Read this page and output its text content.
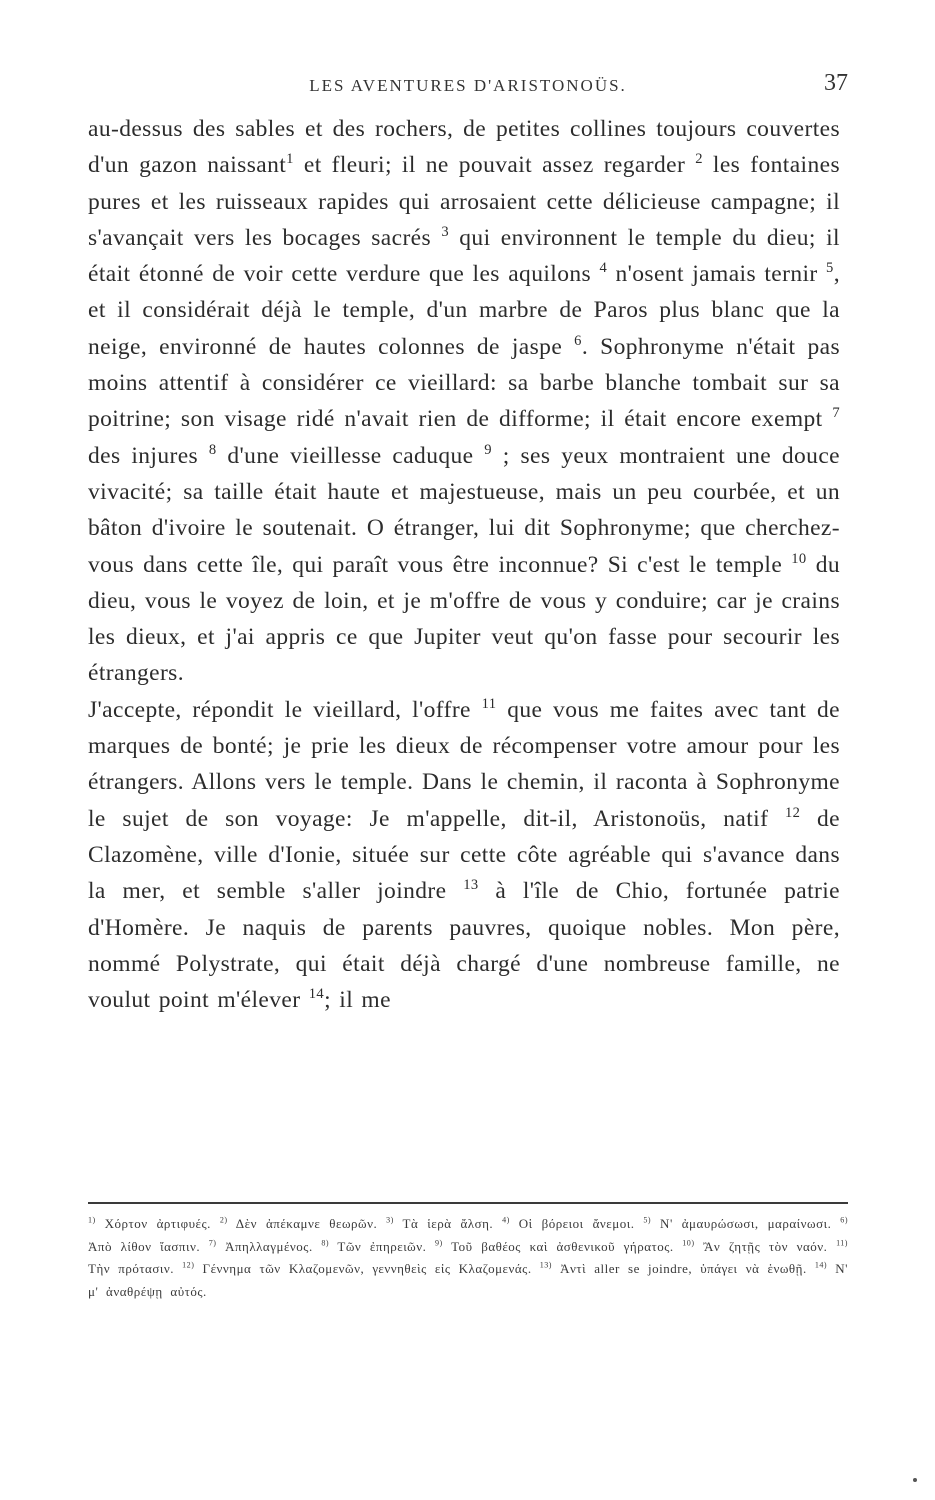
LES AVENTURES D'ARISTONOÜS.	37

au-dessus des sables et des rochers, de petites collines toujours couvertes d'un gazon naissant$^1$ et fleuri; il ne pouvait assez regarder $^2$ les fontaines pures et les ruisseaux rapides qui arrosaient cette délicieuse campagne; il s'avançait vers les bocages sacrés $^3$ qui environnent le temple du dieu; il était étonné de voir cette verdure que les aquilons $^4$ n'osent jamais ternir $^5$, et il considérait déjà le temple, d'un marbre de Paros plus blanc que la neige, environné de hautes colonnes de jaspe $^6$. Sophronyme n'était pas moins attentif à considérer ce vieillard: sa barbe blanche tombait sur sa poitrine; son visage ridé n'avait rien de difforme; il était encore exempt $^7$ des injures $^8$ d'une vieillesse caduque $^9$ ; ses yeux montraient une douce vivacité; sa taille était haute et majestueuse, mais un peu courbée, et un bâton d'ivoire le soutenait. O étranger, lui dit Sophronyme; que cherchez-vous dans cette île, qui paraît vous être inconnue? Si c'est le temple $^{10}$ du dieu, vous le voyez de loin, et je m'offre de vous y conduire; car je crains les dieux, et j'ai appris ce que Jupiter veut qu'on fasse pour secourir les étrangers.

J'accepte, répondit le vieillard, l'offre $^{11}$ que vous me faites avec tant de marques de bonté; je prie les dieux de récompenser votre amour pour les étrangers. Allons vers le temple. Dans le chemin, il raconta à Sophronyme le sujet de son voyage: Je m'appelle, dit-il, Aristonoüs, natif $^{12}$ de Clazomène, ville d'Ionie, située sur cette côte agréable qui s'avance dans la mer, et semble s'aller joindre $^{13}$ à l'île de Chio, fortunée patrie d'Homère. Je naquis de parents pauvres, quoique nobles. Mon père, nommé Polystrate, qui était déjà chargé d'une nombreuse famille, ne voulut point m'élever $^{14}$; il me

$^{1)}$ Χόρτον ἀρτιφυές. $^{2)}$ Δὲν ἀπέκαμνε θεωρῶν. $^{3)}$ Τὰ ἱερὰ ἄλση. $^{4)}$ Οἱ βόρειοι ἄνεμοι. $^{5)}$ Ν' ἀμαυρώσωσι, μαραίνωσι. $^{6)}$ Ἀπὸ λίθον ἴασπιν. $^{7)}$ Ἀπηλλαγμένος. $^{8)}$ Τῶν ἐπηρειῶν. $^{9)}$ Τοῦ βαθέος καὶ ἀσθενικοῦ γήρατος. $^{10)}$ Ἂν ζητῇς τὸν ναόν. $^{11)}$ Τὴν πρότασιν. $^{12)}$ Γέννημα τῶν Κλαζομενῶν, γεννηθεὶς εἰς Κλαζομενάς. $^{13)}$ Ἀντὶ aller se joindre, ὑπάγει νὰ ἑνωθῇ. $^{14)}$ Ν' μ' ἀναθρέψῃ αὐτός.
